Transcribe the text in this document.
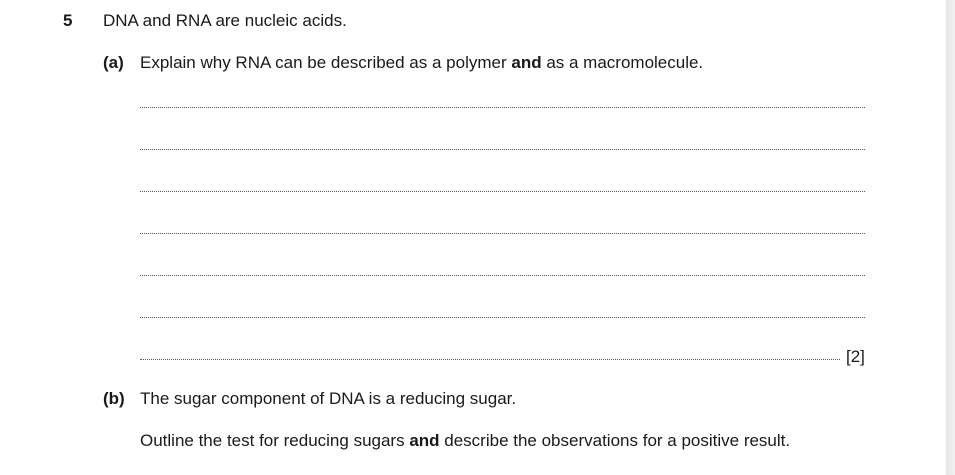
5 DNA and RNA are nucleic acids.
(a) Explain why RNA can be described as a polymer and as a macromolecule.
[2]
(b) The sugar component of DNA is a reducing sugar.
Outline the test for reducing sugars and describe the observations for a positive result.
